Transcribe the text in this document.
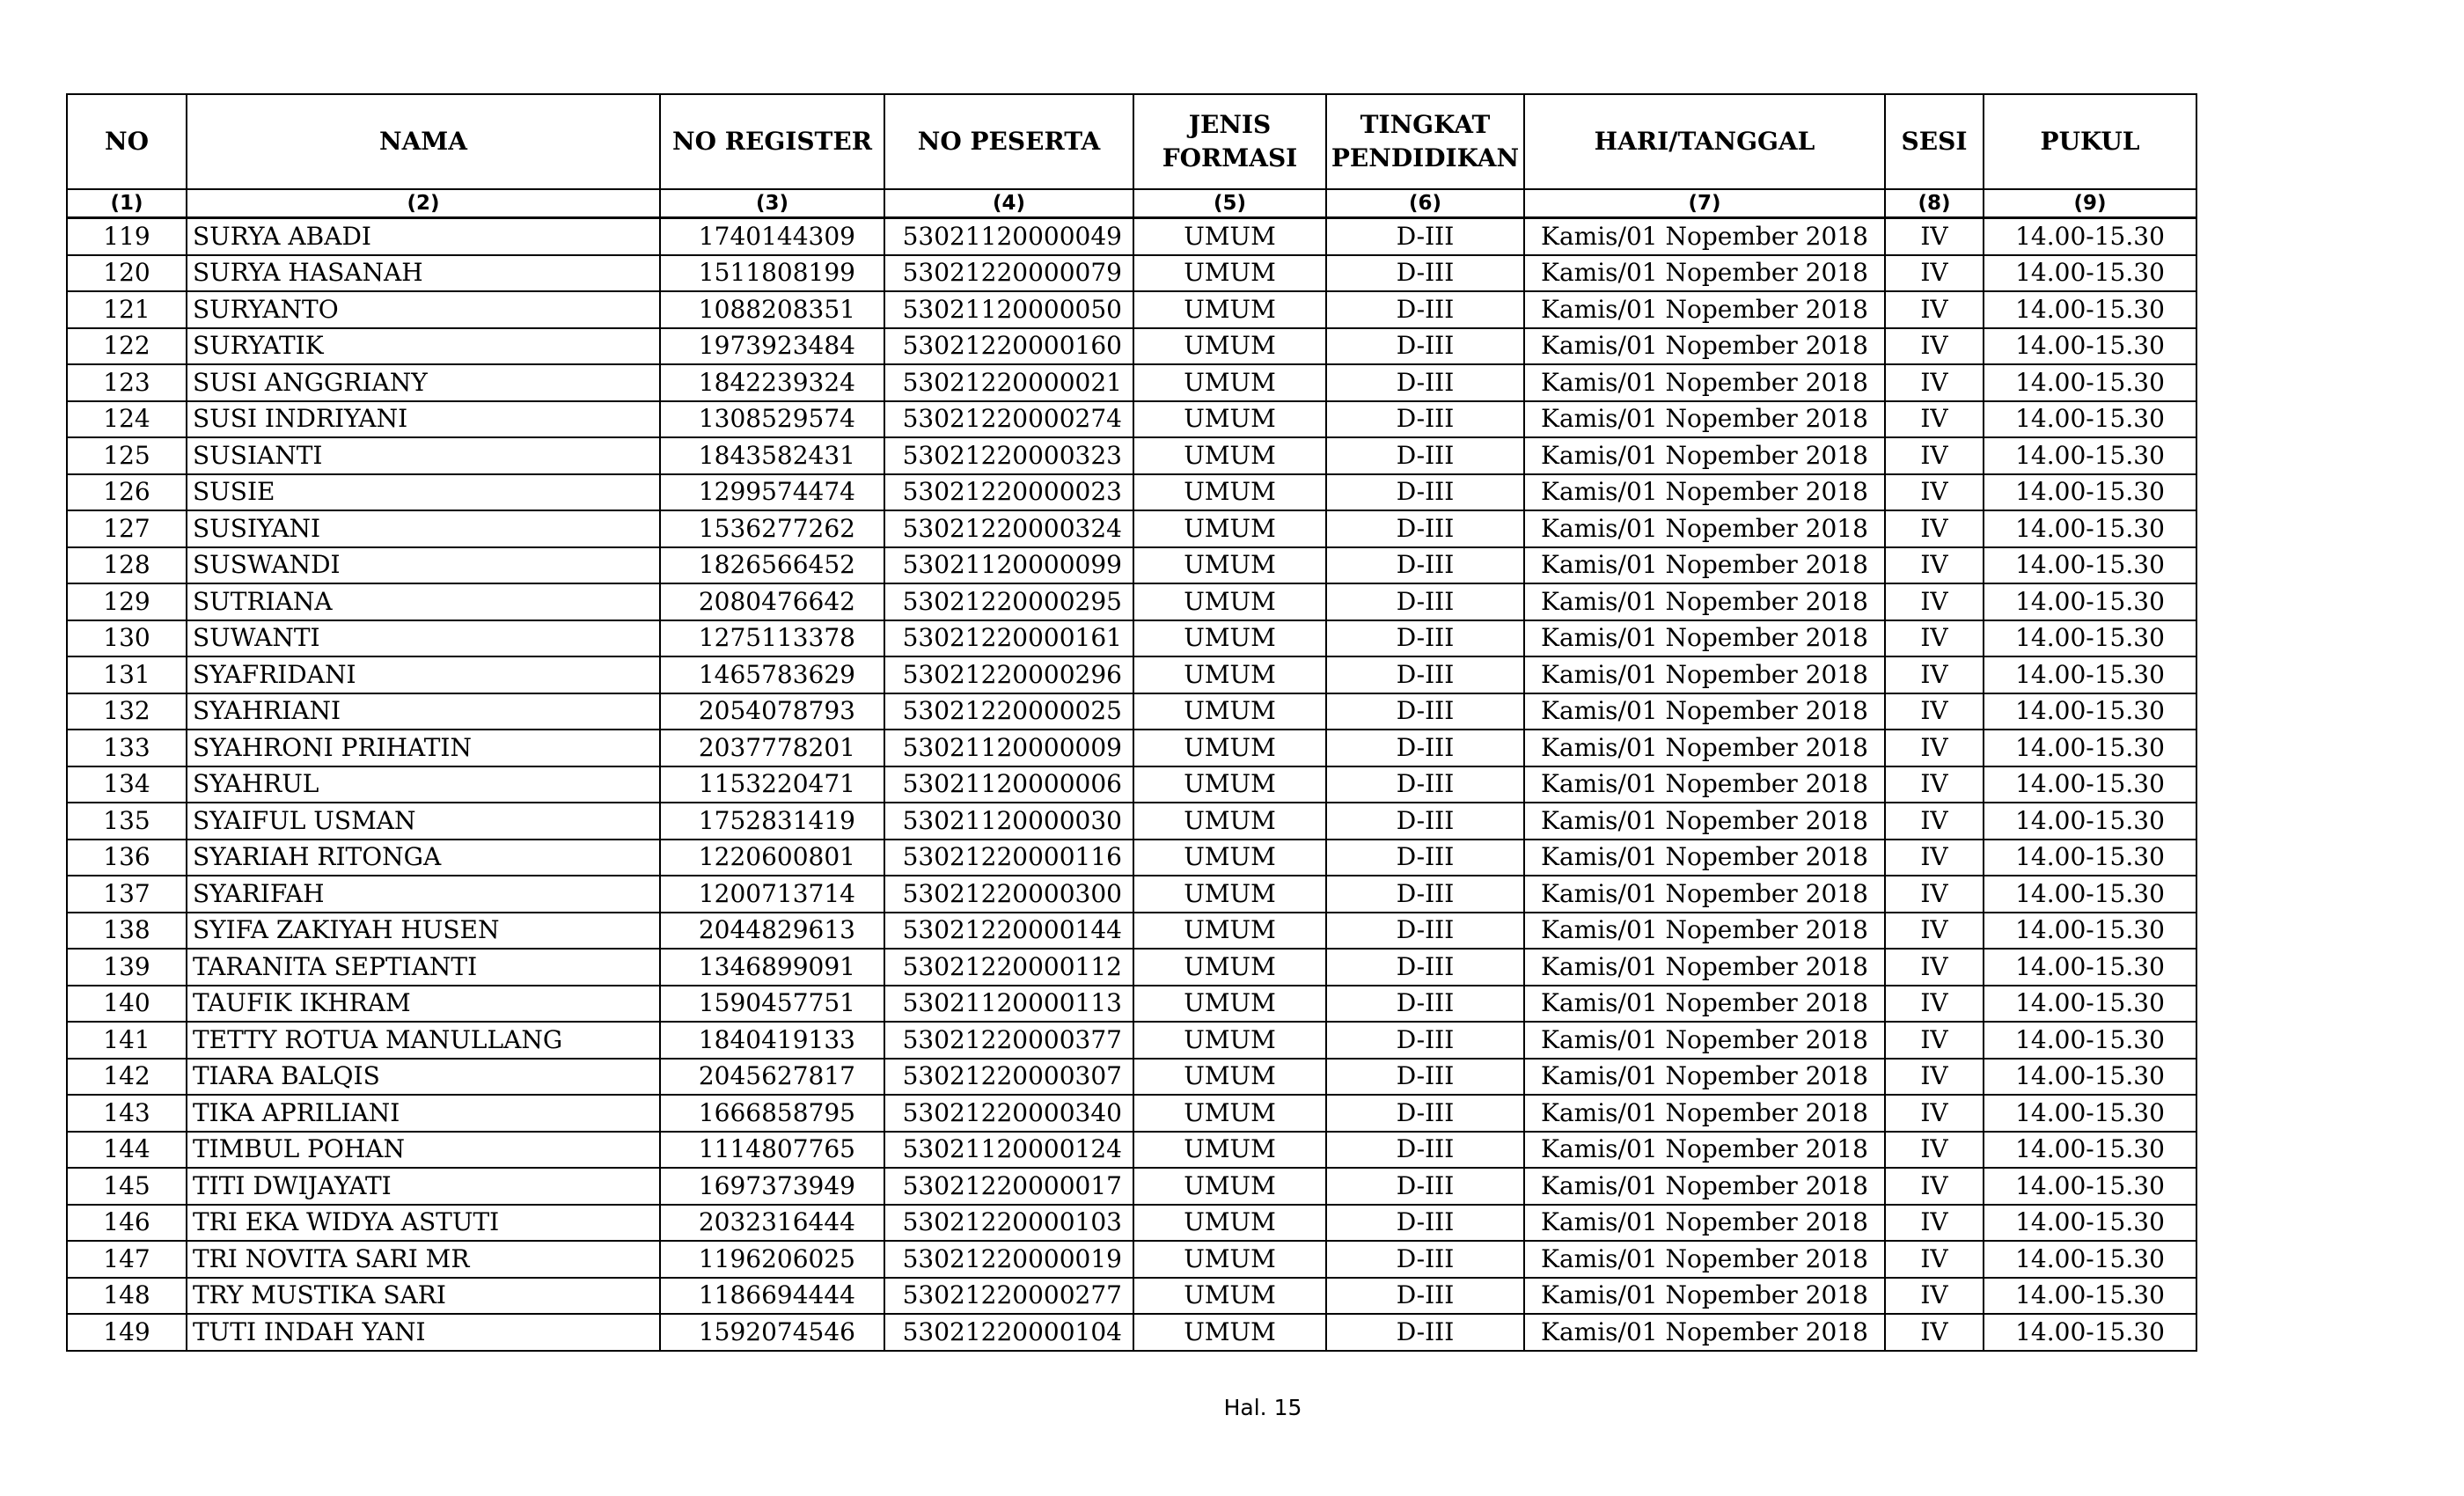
NO	NAMA	NO REGISTER	NO PESERTA	JENIS FORMASI	TINGKAT PENDIDIKAN	HARI/TANGGAL	SESI	PUKUL
(1)	(2)	(3)	(4)	(5)	(6)	(7)	(8)	(9)
119	SURYA ABADI	1740144309	53021120000049	UMUM	D-III	Kamis/01 Nopember 2018	IV	14.00-15.30
120	SURYA HASANAH	1511808199	53021220000079	UMUM	D-III	Kamis/01 Nopember 2018	IV	14.00-15.30
121	SURYANTO	1088208351	53021120000050	UMUM	D-III	Kamis/01 Nopember 2018	IV	14.00-15.30
122	SURYATIK	1973923484	53021220000160	UMUM	D-III	Kamis/01 Nopember 2018	IV	14.00-15.30
123	SUSI ANGGRIANY	1842239324	53021220000021	UMUM	D-III	Kamis/01 Nopember 2018	IV	14.00-15.30
124	SUSI INDRIYANI	1308529574	53021220000274	UMUM	D-III	Kamis/01 Nopember 2018	IV	14.00-15.30
125	SUSIANTI	1843582431	53021220000323	UMUM	D-III	Kamis/01 Nopember 2018	IV	14.00-15.30
126	SUSIE	1299574474	53021220000023	UMUM	D-III	Kamis/01 Nopember 2018	IV	14.00-15.30
127	SUSIYANI	1536277262	53021220000324	UMUM	D-III	Kamis/01 Nopember 2018	IV	14.00-15.30
128	SUSWANDI	1826566452	53021120000099	UMUM	D-III	Kamis/01 Nopember 2018	IV	14.00-15.30
129	SUTRIANA	2080476642	53021220000295	UMUM	D-III	Kamis/01 Nopember 2018	IV	14.00-15.30
130	SUWANTI	1275113378	53021220000161	UMUM	D-III	Kamis/01 Nopember 2018	IV	14.00-15.30
131	SYAFRIDANI	1465783629	53021220000296	UMUM	D-III	Kamis/01 Nopember 2018	IV	14.00-15.30
132	SYAHRIANI	2054078793	53021220000025	UMUM	D-III	Kamis/01 Nopember 2018	IV	14.00-15.30
133	SYAHRONI PRIHATIN	2037778201	53021120000009	UMUM	D-III	Kamis/01 Nopember 2018	IV	14.00-15.30
134	SYAHRUL	1153220471	53021120000006	UMUM	D-III	Kamis/01 Nopember 2018	IV	14.00-15.30
135	SYAIFUL USMAN	1752831419	53021120000030	UMUM	D-III	Kamis/01 Nopember 2018	IV	14.00-15.30
136	SYARIAH RITONGA	1220600801	53021220000116	UMUM	D-III	Kamis/01 Nopember 2018	IV	14.00-15.30
137	SYARIFAH	1200713714	53021220000300	UMUM	D-III	Kamis/01 Nopember 2018	IV	14.00-15.30
138	SYIFA ZAKIYAH HUSEN	2044829613	53021220000144	UMUM	D-III	Kamis/01 Nopember 2018	IV	14.00-15.30
139	TARANITA SEPTIANTI	1346899091	53021220000112	UMUM	D-III	Kamis/01 Nopember 2018	IV	14.00-15.30
140	TAUFIK IKHRAM	1590457751	53021120000113	UMUM	D-III	Kamis/01 Nopember 2018	IV	14.00-15.30
141	TETTY ROTUA MANULLANG	1840419133	53021220000377	UMUM	D-III	Kamis/01 Nopember 2018	IV	14.00-15.30
142	TIARA BALQIS	2045627817	53021220000307	UMUM	D-III	Kamis/01 Nopember 2018	IV	14.00-15.30
143	TIKA APRILIANI	1666858795	53021220000340	UMUM	D-III	Kamis/01 Nopember 2018	IV	14.00-15.30
144	TIMBUL POHAN	1114807765	53021120000124	UMUM	D-III	Kamis/01 Nopember 2018	IV	14.00-15.30
145	TITI DWIJAYATI	1697373949	53021220000017	UMUM	D-III	Kamis/01 Nopember 2018	IV	14.00-15.30
146	TRI EKA WIDYA ASTUTI	2032316444	53021220000103	UMUM	D-III	Kamis/01 Nopember 2018	IV	14.00-15.30
147	TRI NOVITA SARI MR	1196206025	53021220000019	UMUM	D-III	Kamis/01 Nopember 2018	IV	14.00-15.30
148	TRY MUSTIKA SARI	1186694444	53021220000277	UMUM	D-III	Kamis/01 Nopember 2018	IV	14.00-15.30
149	TUTI INDAH YANI	1592074546	53021220000104	UMUM	D-III	Kamis/01 Nopember 2018	IV	14.00-15.30
Hal. 15
